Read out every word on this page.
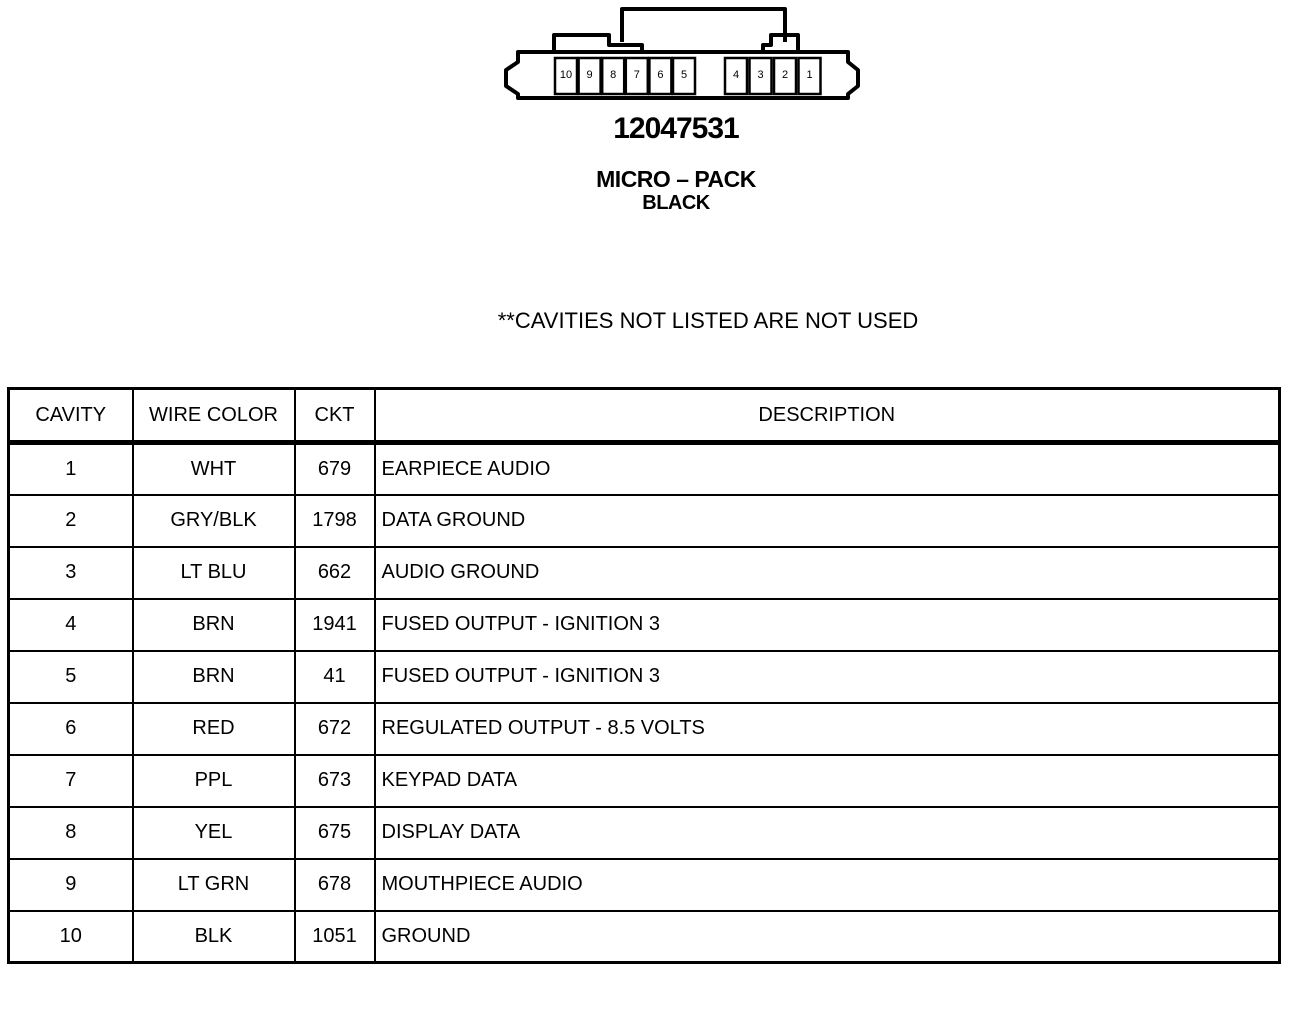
10 9 8 7 6 5	4 3 2 1
12047531
MICRO – PACK
BLACK
**CAVITIES NOT LISTED ARE NOT USED
CAVITY	WIRE COLOR	CKT	DESCRIPTION
1	WHT	679	EARPIECE AUDIO
2	GRY/BLK	1798	DATA GROUND
3	LT BLU	662	AUDIO GROUND
4	BRN	1941	FUSED OUTPUT - IGNITION 3
5	BRN	41	FUSED OUTPUT - IGNITION 3
6	RED	672	REGULATED OUTPUT - 8.5 VOLTS
7	PPL	673	KEYPAD DATA
8	YEL	675	DISPLAY DATA
9	LT GRN	678	MOUTHPIECE AUDIO
10	BLK	1051	GROUND
